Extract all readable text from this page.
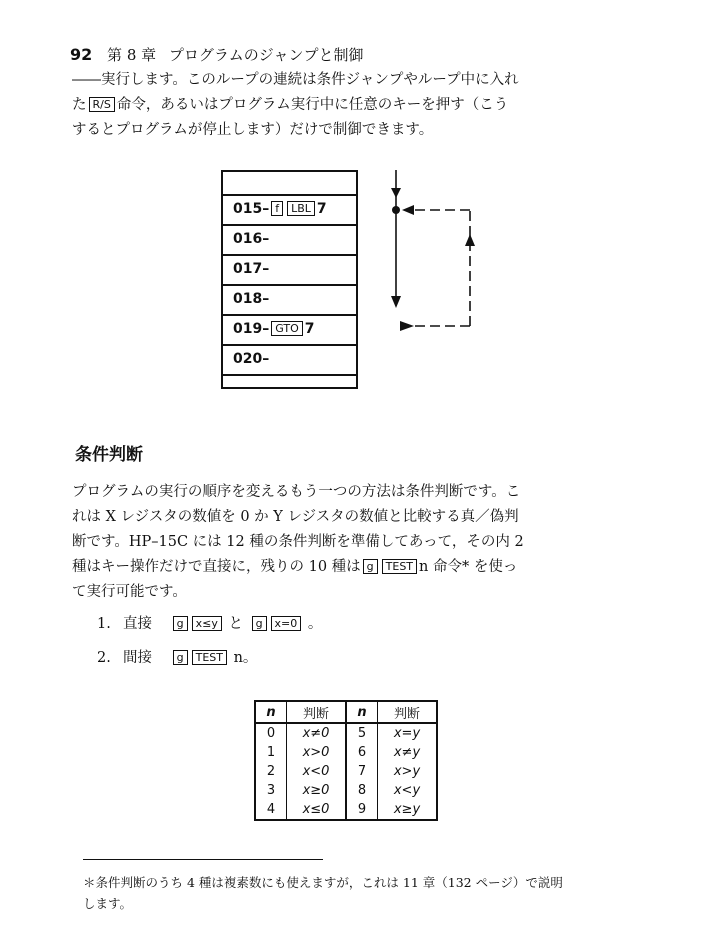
92 第 8 章 プログラムのジャンプと制御
――実行します。このループの連続は条件ジャンプやループ中に入れ
た R/S 命令，あるいはプログラム実行中に任意のキーを押す（こう
するとプログラムが停止します）だけで制御できます。
015– f LBL 7
016–
017–
018–
019– GTO 7
020–
条件判断
プログラムの実行の順序を変えるもう一つの方法は条件判断です。こ
れは X レジスタの数値を 0 か Y レジスタの数値と比較する真／偽判
断です。HP–15C には 12 種の条件判断を準備してあって，その内 2
種はキー操作だけで直接に，残りの 10 種は g TEST n 命令* を使っ
て実行可能です。
1. 直接 g x≤y と g x=0 。
2. 間接 g TEST n。
n	判断	n	判断
0	x≠0	5	x=y
1	x>0	6	x≠y
2	x<0	7	x>y
3	x≥0	8	x<y
4	x≤0	9	x≥y
＊条件判断のうち 4 種は複素数にも使えますが，これは 11 章（132 ページ）で説明
します。
